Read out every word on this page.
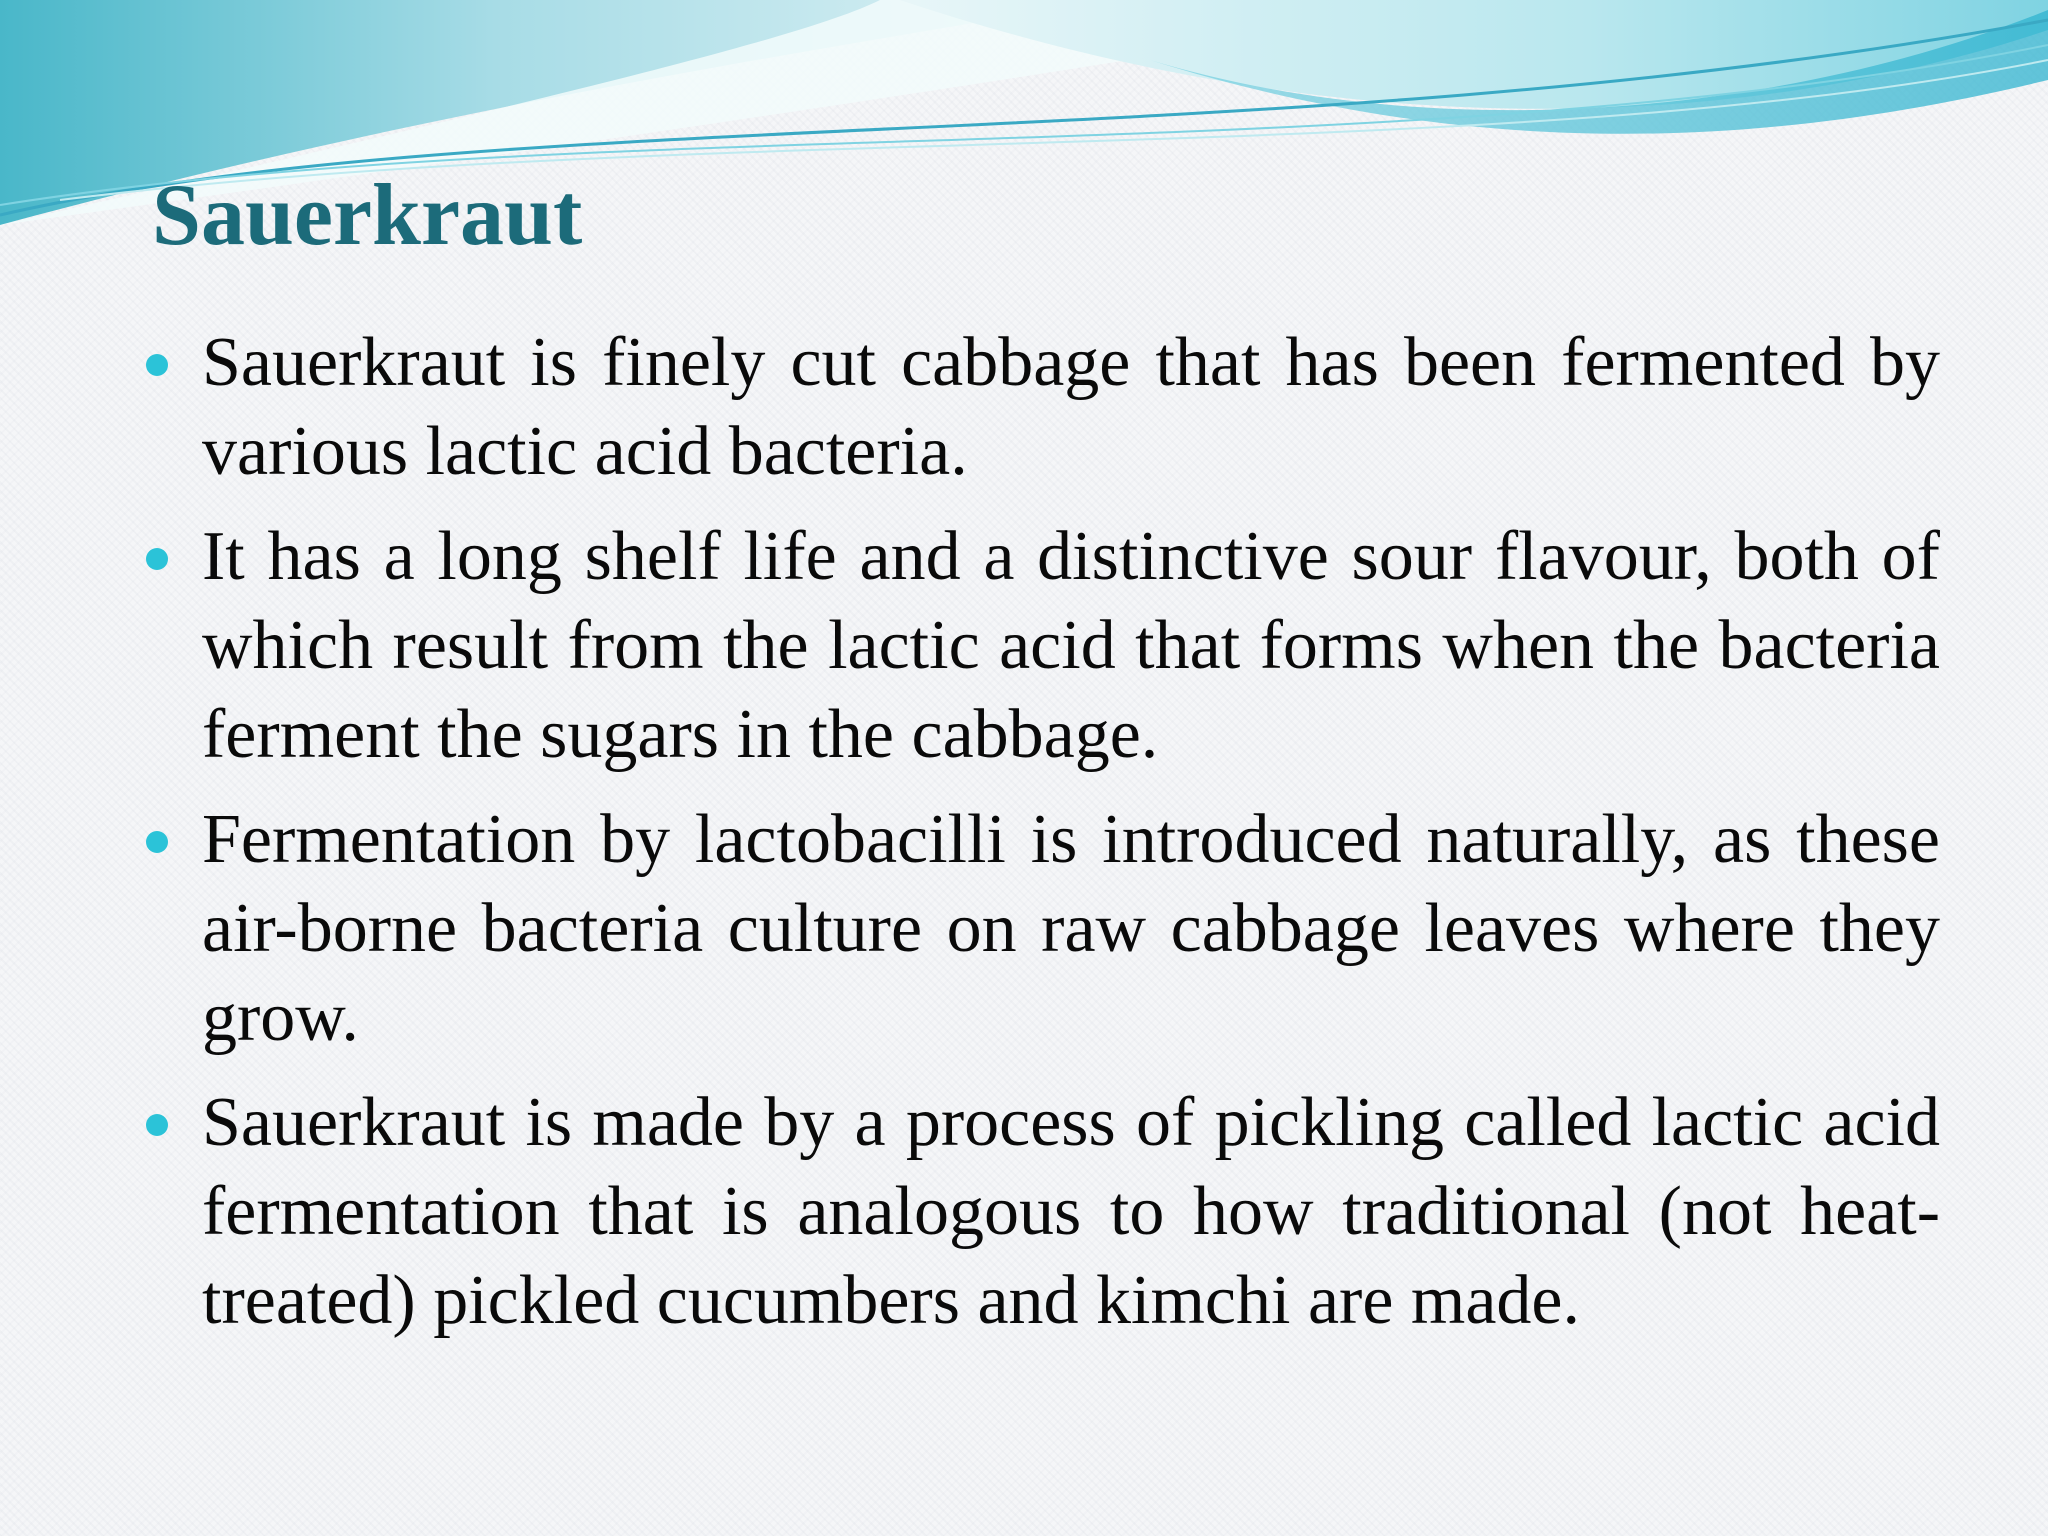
Sauerkraut
Sauerkraut is finely cut cabbage that has been fermented by various lactic acid bacteria.
It has a long shelf life and a distinctive sour flavour, both of which result from the lactic acid that forms when the bacteria ferment the sugars in the cabbage.
Fermentation by lactobacilli is introduced naturally, as these air-borne bacteria culture on raw cabbage leaves where they grow.
Sauerkraut is made by a process of pickling called lactic acid fermentation that is analogous to how traditional (not heat-treated) pickled cucumbers and kimchi are made.
